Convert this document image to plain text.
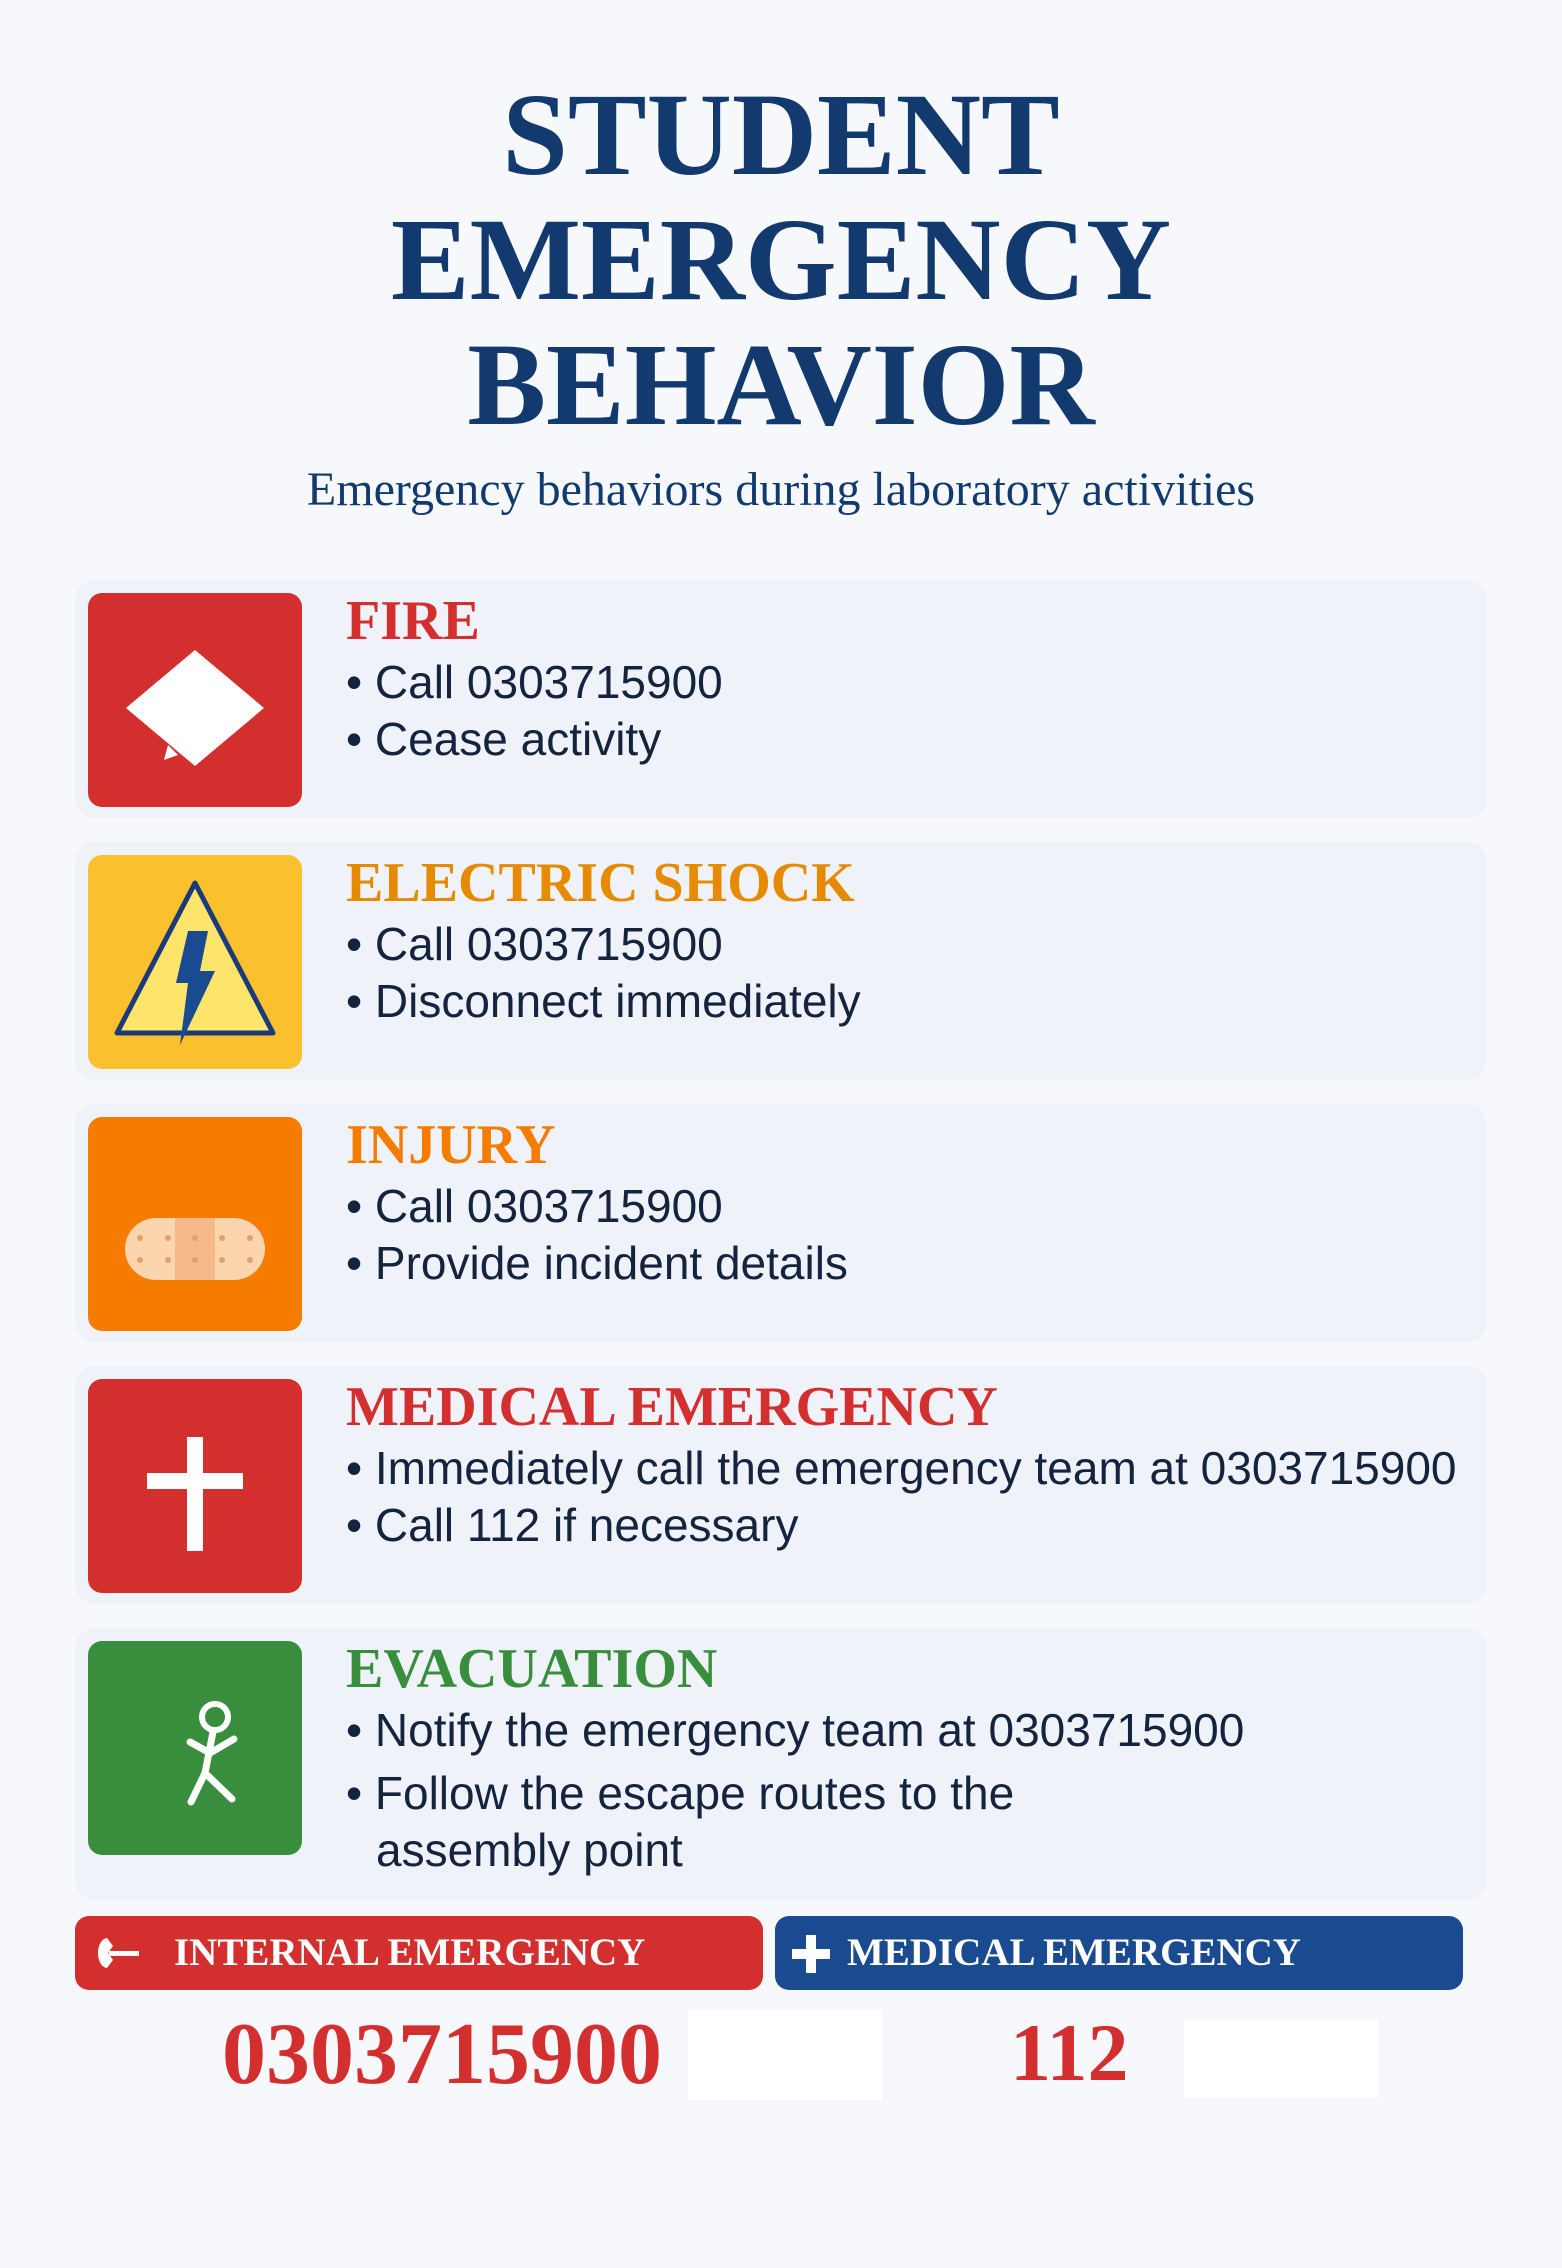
STUDENT
EMERGENCY
BEHAVIOR
Emergency behaviors during laboratory activities
FIRE
• Call 0303715900
• Cease activity
ELECTRIC SHOCK
• Call 0303715900
• Disconnect immediately
INJURY
• Call 0303715900
• Provide incident details
MEDICAL EMERGENCY
• Immediately call the emergency team at 0303715900
• Call 112 if necessary
EVACUATION
• Notify the emergency team at 0303715900
• Follow the escape routes to the assembly point
INTERNAL EMERGENCY	MEDICAL EMERGENCY
0303715900	112
